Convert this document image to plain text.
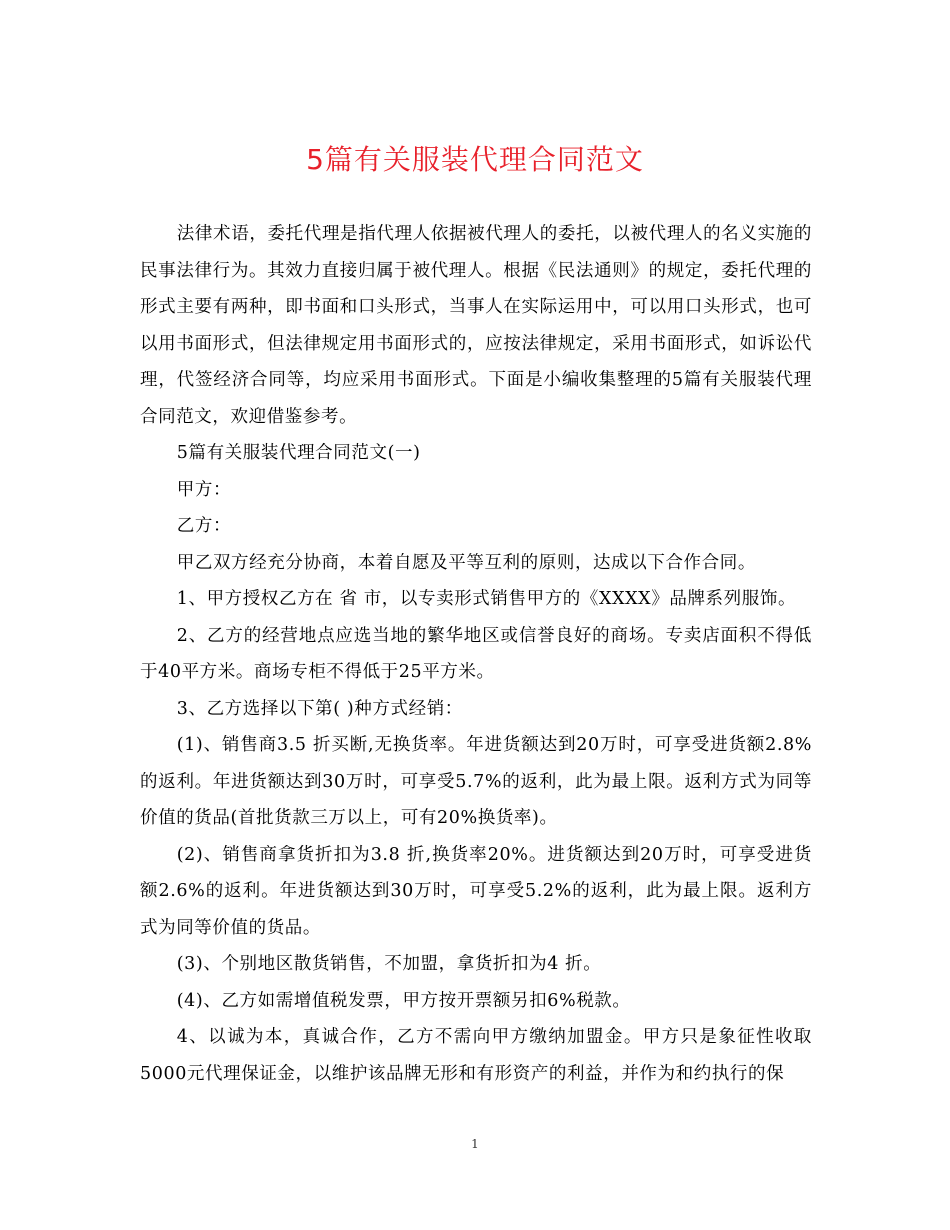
5篇有关服装代理合同范文

法律术语，委托代理是指代理人依据被代理人的委托，以被代理人的名义实施的民事法律行为。其效力直接归属于被代理人。根据《民法通则》的规定，委托代理的形式主要有两种，即书面和口头形式，当事人在实际运用中，可以用口头形式，也可以用书面形式，但法律规定用书面形式的，应按法律规定，采用书面形式，如诉讼代理，代签经济合同等，均应采用书面形式。下面是小编收集整理的5篇有关服装代理合同范文，欢迎借鉴参考。

5篇有关服装代理合同范文(一)

甲方：

乙方：

甲乙双方经充分协商，本着自愿及平等互利的原则，达成以下合作合同。

1、甲方授权乙方在 省 市，以专卖形式销售甲方的《XXXX》品牌系列服饰。

2、乙方的经营地点应选当地的繁华地区或信誉良好的商场。专卖店面积不得低于40平方米。商场专柜不得低于25平方米。

3、乙方选择以下第( )种方式经销：

(1)、销售商3.5 折买断,无换货率。年进货额达到20万时，可享受进货额2.8%的返利。年进货额达到30万时，可享受5.7%的返利，此为最上限。返利方式为同等价值的货品(首批货款三万以上，可有20%换货率)。

(2)、销售商拿货折扣为3.8 折,换货率20%。进货额达到20万时，可享受进货额2.6%的返利。年进货额达到30万时，可享受5.2%的返利，此为最上限。返利方式为同等价值的货品。

(3)、个别地区散货销售，不加盟，拿货折扣为4 折。

(4)、乙方如需增值税发票，甲方按开票额另扣6%税款。

4、以诚为本，真诚合作，乙方不需向甲方缴纳加盟金。甲方只是象征性收取5000元代理保证金，以维护该品牌无形和有形资产的利益，并作为和约执行的保

1
